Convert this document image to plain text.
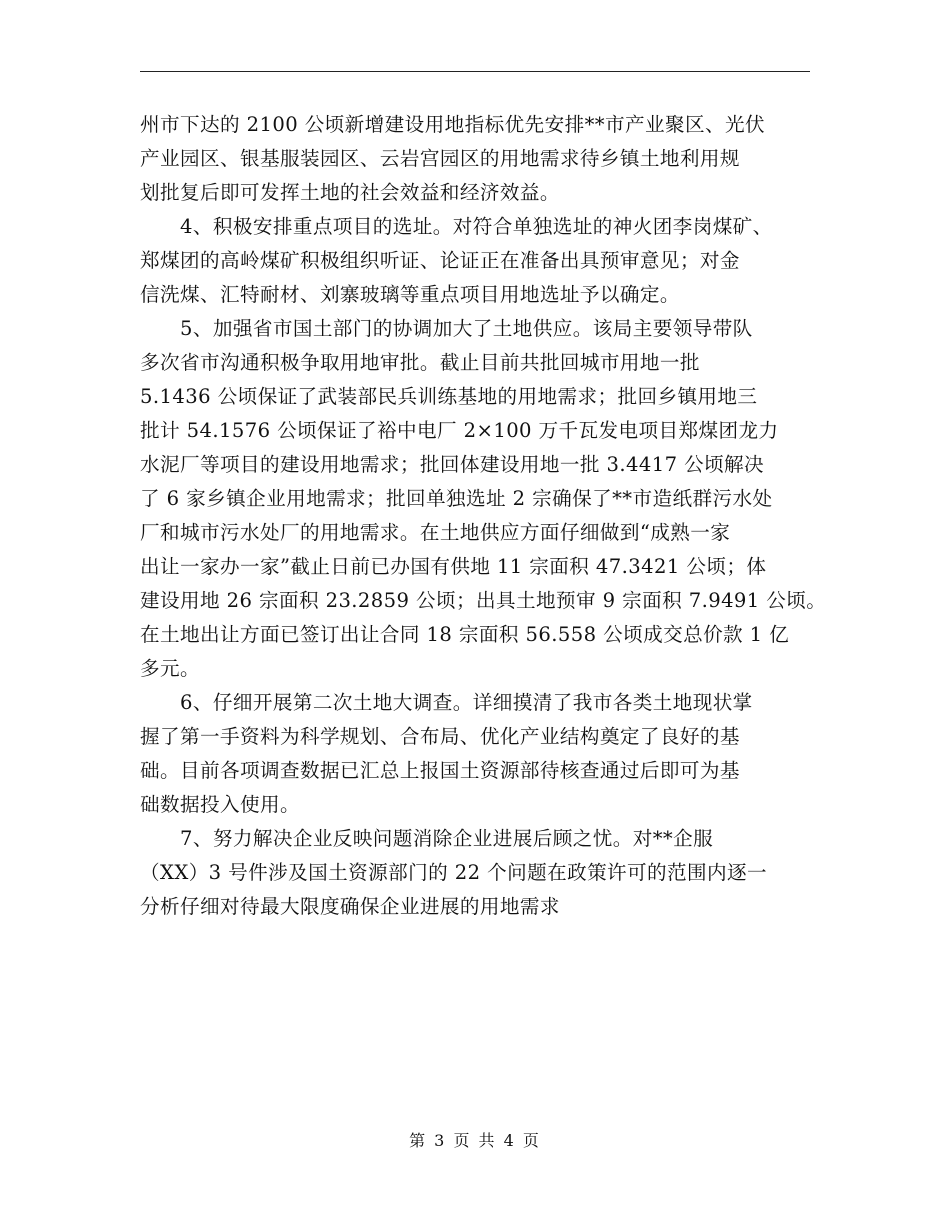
州市下达的 2100 公顷新增建设用地指标优先安排**市产业聚区、光伏
产业园区、银基服装园区、云岩宫园区的用地需求待乡镇土地利用规
划批复后即可发挥土地的社会效益和经济效益。
　　4、积极安排重点项目的选址。对符合单独选址的神火团李岗煤矿、
郑煤团的高岭煤矿积极组织听证、论证正在准备出具预审意见；对金
信洗煤、汇特耐材、刘寨玻璃等重点项目用地选址予以确定。
　　5、加强省市国土部门的协调加大了土地供应。该局主要领导带队
多次省市沟通积极争取用地审批。截止目前共批回城市用地一批
5.1436 公顷保证了武装部民兵训练基地的用地需求；批回乡镇用地三
批计 54.1576 公顷保证了裕中电厂 2×100 万千瓦发电项目郑煤团龙力
水泥厂等项目的建设用地需求；批回体建设用地一批 3.4417 公顷解决
了 6 家乡镇企业用地需求；批回单独选址 2 宗确保了**市造纸群污水处
厂和城市污水处厂的用地需求。在土地供应方面仔细做到“成熟一家
出让一家办一家”截止日前已办国有供地 11 宗面积 47.3421 公顷；体
建设用地 26 宗面积 23.2859 公顷；出具土地预审 9 宗面积 7.9491 公顷。
在土地出让方面已签订出让合同 18 宗面积 56.558 公顷成交总价款 1 亿
多元。
　　6、仔细开展第二次土地大调查。详细摸清了我市各类土地现状掌
握了第一手资料为科学规划、合布局、优化产业结构奠定了良好的基
础。目前各项调查数据已汇总上报国土资源部待核查通过后即可为基
础数据投入使用。
　　7、努力解决企业反映问题消除企业进展后顾之忧。对**企服
（XX）3 号件涉及国土资源部门的 22 个问题在政策许可的范围内逐一
分析仔细对待最大限度确保企业进展的用地需求
第 3 页 共 4 页
